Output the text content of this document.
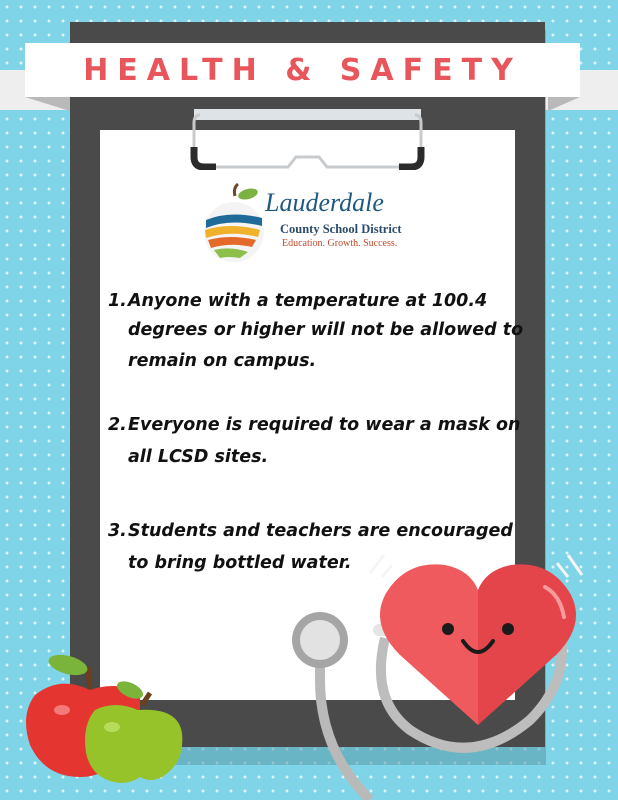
HEALTH & SAFETY
Lauderdale
County School District
Education. Growth. Success.
1. Anyone with a temperature at 100.4
degrees or higher will not be allowed to
remain on campus.
2. Everyone is required to wear a mask on
all LCSD sites.
3. Students and teachers are encouraged
to bring bottled water.
